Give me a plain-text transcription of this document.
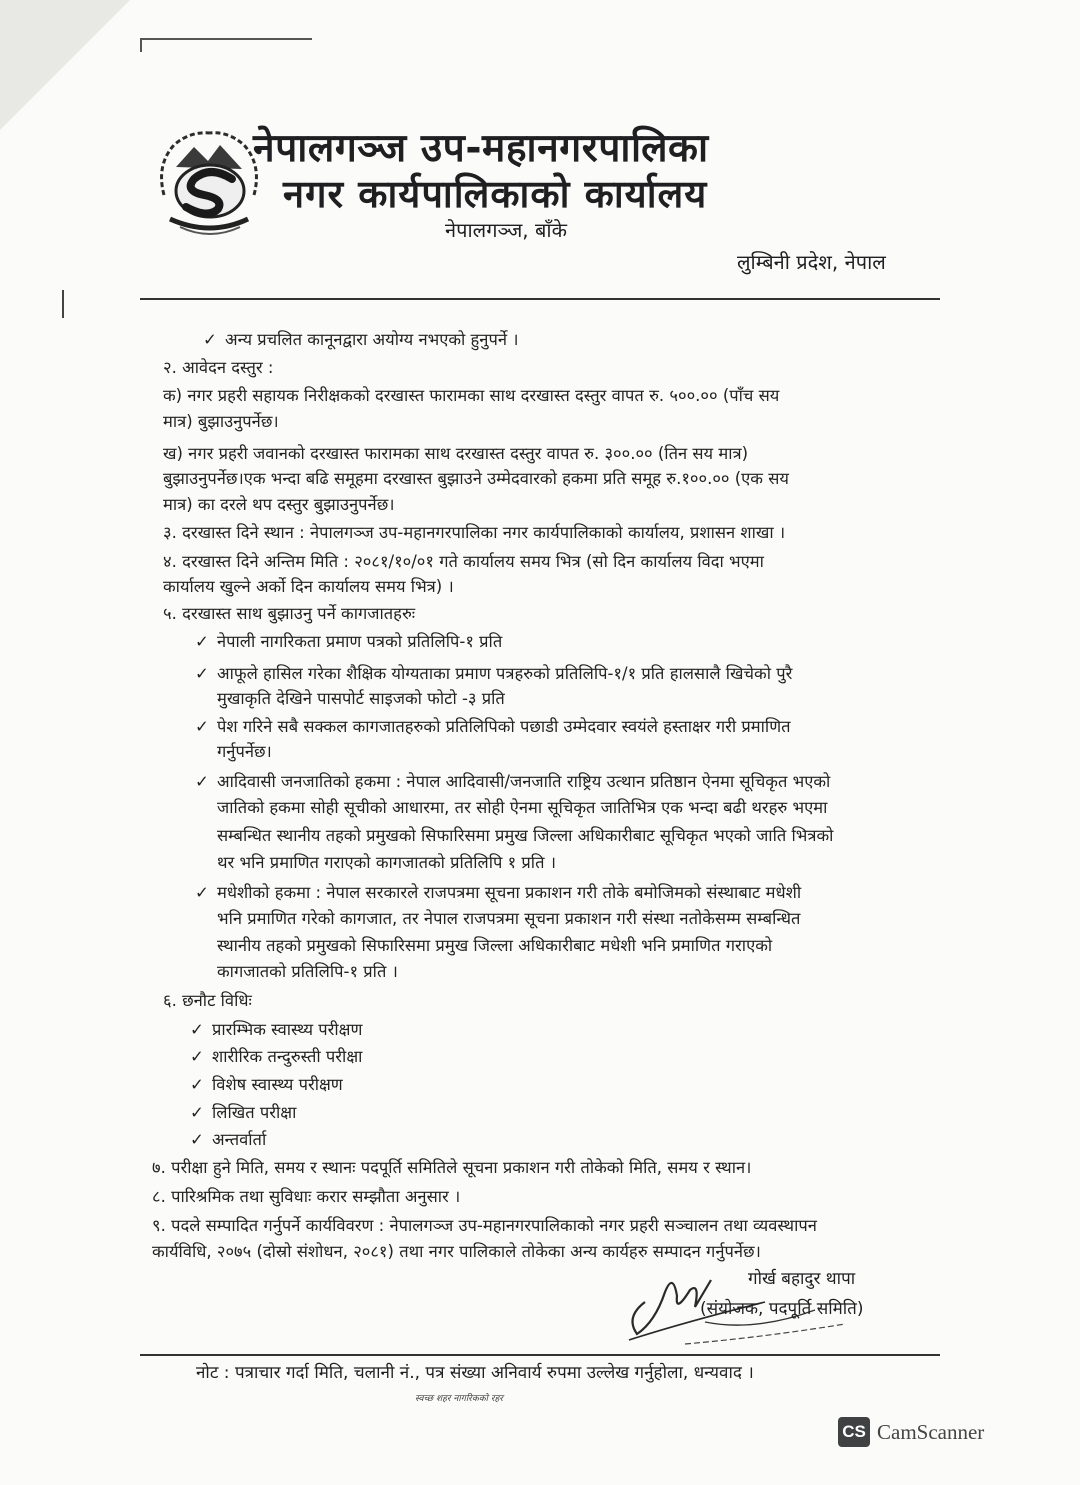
नेपालगञ्ज उप-महानगरपालिका
नगर कार्यपालिकाको कार्यालय
नेपालगञ्ज, बाँके
लुम्बिनी प्रदेश, नेपाल
✓ अन्य प्रचलित कानूनद्वारा अयोग्य नभएको हुनुपर्ने ।
२. आवेदन दस्तुर :
क) नगर प्रहरी सहायक निरीक्षकको दरखास्त फारामका साथ दरखास्त दस्तुर वापत रु. ५००.०० (पाँच सय
मात्र) बुझाउनुपर्नेछ।
ख) नगर प्रहरी जवानको दरखास्त फारामका साथ दरखास्त दस्तुर वापत रु. ३००.०० (तिन सय मात्र)
बुझाउनुपर्नेछ।एक भन्दा बढि समूहमा दरखास्त बुझाउने उम्मेदवारको हकमा प्रति समूह रु.१००.०० (एक सय
मात्र) का दरले थप दस्तुर बुझाउनुपर्नेछ।
३. दरखास्त दिने स्थान : नेपालगञ्ज उप-महानगरपालिका नगर कार्यपालिकाको कार्यालय, प्रशासन शाखा ।
४. दरखास्त दिने अन्तिम मिति : २०८१/१०/०१ गते कार्यालय समय भित्र (सो दिन कार्यालय विदा भएमा
कार्यालय खुल्ने अर्को दिन कार्यालय समय भित्र) ।
५. दरखास्त साथ बुझाउनु पर्ने कागजातहरुः
✓ नेपाली नागरिकता प्रमाण पत्रको प्रतिलिपि-१ प्रति
✓ आफूले हासिल गरेका शैक्षिक योग्यताका प्रमाण पत्रहरुको प्रतिलिपि-१/१ प्रति हालसालै खिचेको पुरै
मुखाकृति देखिने पासपोर्ट साइजको फोटो -३ प्रति
✓ पेश गरिने सबै सक्कल कागजातहरुको प्रतिलिपिको पछाडी उम्मेदवार स्वयंले हस्ताक्षर गरी प्रमाणित
गर्नुपर्नेछ।
✓ आदिवासी जनजातिको हकमा : नेपाल आदिवासी/जनजाति राष्ट्रिय उत्थान प्रतिष्ठान ऐनमा सूचिकृत भएको
जातिको हकमा सोही सूचीको आधारमा, तर सोही ऐनमा सूचिकृत जातिभित्र एक भन्दा बढी थरहरु भएमा
सम्बन्धित स्थानीय तहको प्रमुखको सिफारिसमा प्रमुख जिल्ला अधिकारीबाट सूचिकृत भएको जाति भित्रको
थर भनि प्रमाणित गराएको कागजातको प्रतिलिपि १ प्रति ।
✓ मधेशीको हकमा : नेपाल सरकारले राजपत्रमा सूचना प्रकाशन गरी तोके बमोजिमको संस्थाबाट मधेशी
भनि प्रमाणित गरेको कागजात, तर नेपाल राजपत्रमा सूचना प्रकाशन गरी संस्था नतोकेसम्म सम्बन्धित
स्थानीय तहको प्रमुखको सिफारिसमा प्रमुख जिल्ला अधिकारीबाट मधेशी भनि प्रमाणित गराएको
कागजातको प्रतिलिपि-१ प्रति ।
६. छनौट विधिः
✓ प्रारम्भिक स्वास्थ्य परीक्षण
✓ शारीरिक तन्दुरुस्ती परीक्षा
✓ विशेष स्वास्थ्य परीक्षण
✓ लिखित परीक्षा
✓ अन्तर्वार्ता
७. परीक्षा हुने मिति, समय र स्थानः पदपूर्ति समितिले सूचना प्रकाशन गरी तोकेको मिति, समय र स्थान।
८. पारिश्रमिक तथा सुविधाः करार सम्झौता अनुसार ।
९. पदले सम्पादित गर्नुपर्ने कार्यविवरण : नेपालगञ्ज उप-महानगरपालिकाको नगर प्रहरी सञ्चालन तथा व्यवस्थापन
कार्यविधि, २०७५ (दोस्रो संशोधन, २०८१) तथा नगर पालिकाले तोकेका अन्य कार्यहरु सम्पादन गर्नुपर्नेछ।
गोर्ख बहादुर थापा
(संयोजक, पदपूर्ति समिति)
नोट : पत्राचार गर्दा मिति, चलानी नं., पत्र संख्या अनिवार्य रुपमा उल्लेख गर्नुहोला, धन्यवाद ।
स्वच्छ शहर नागरिकको रहर
CS CamScanner
